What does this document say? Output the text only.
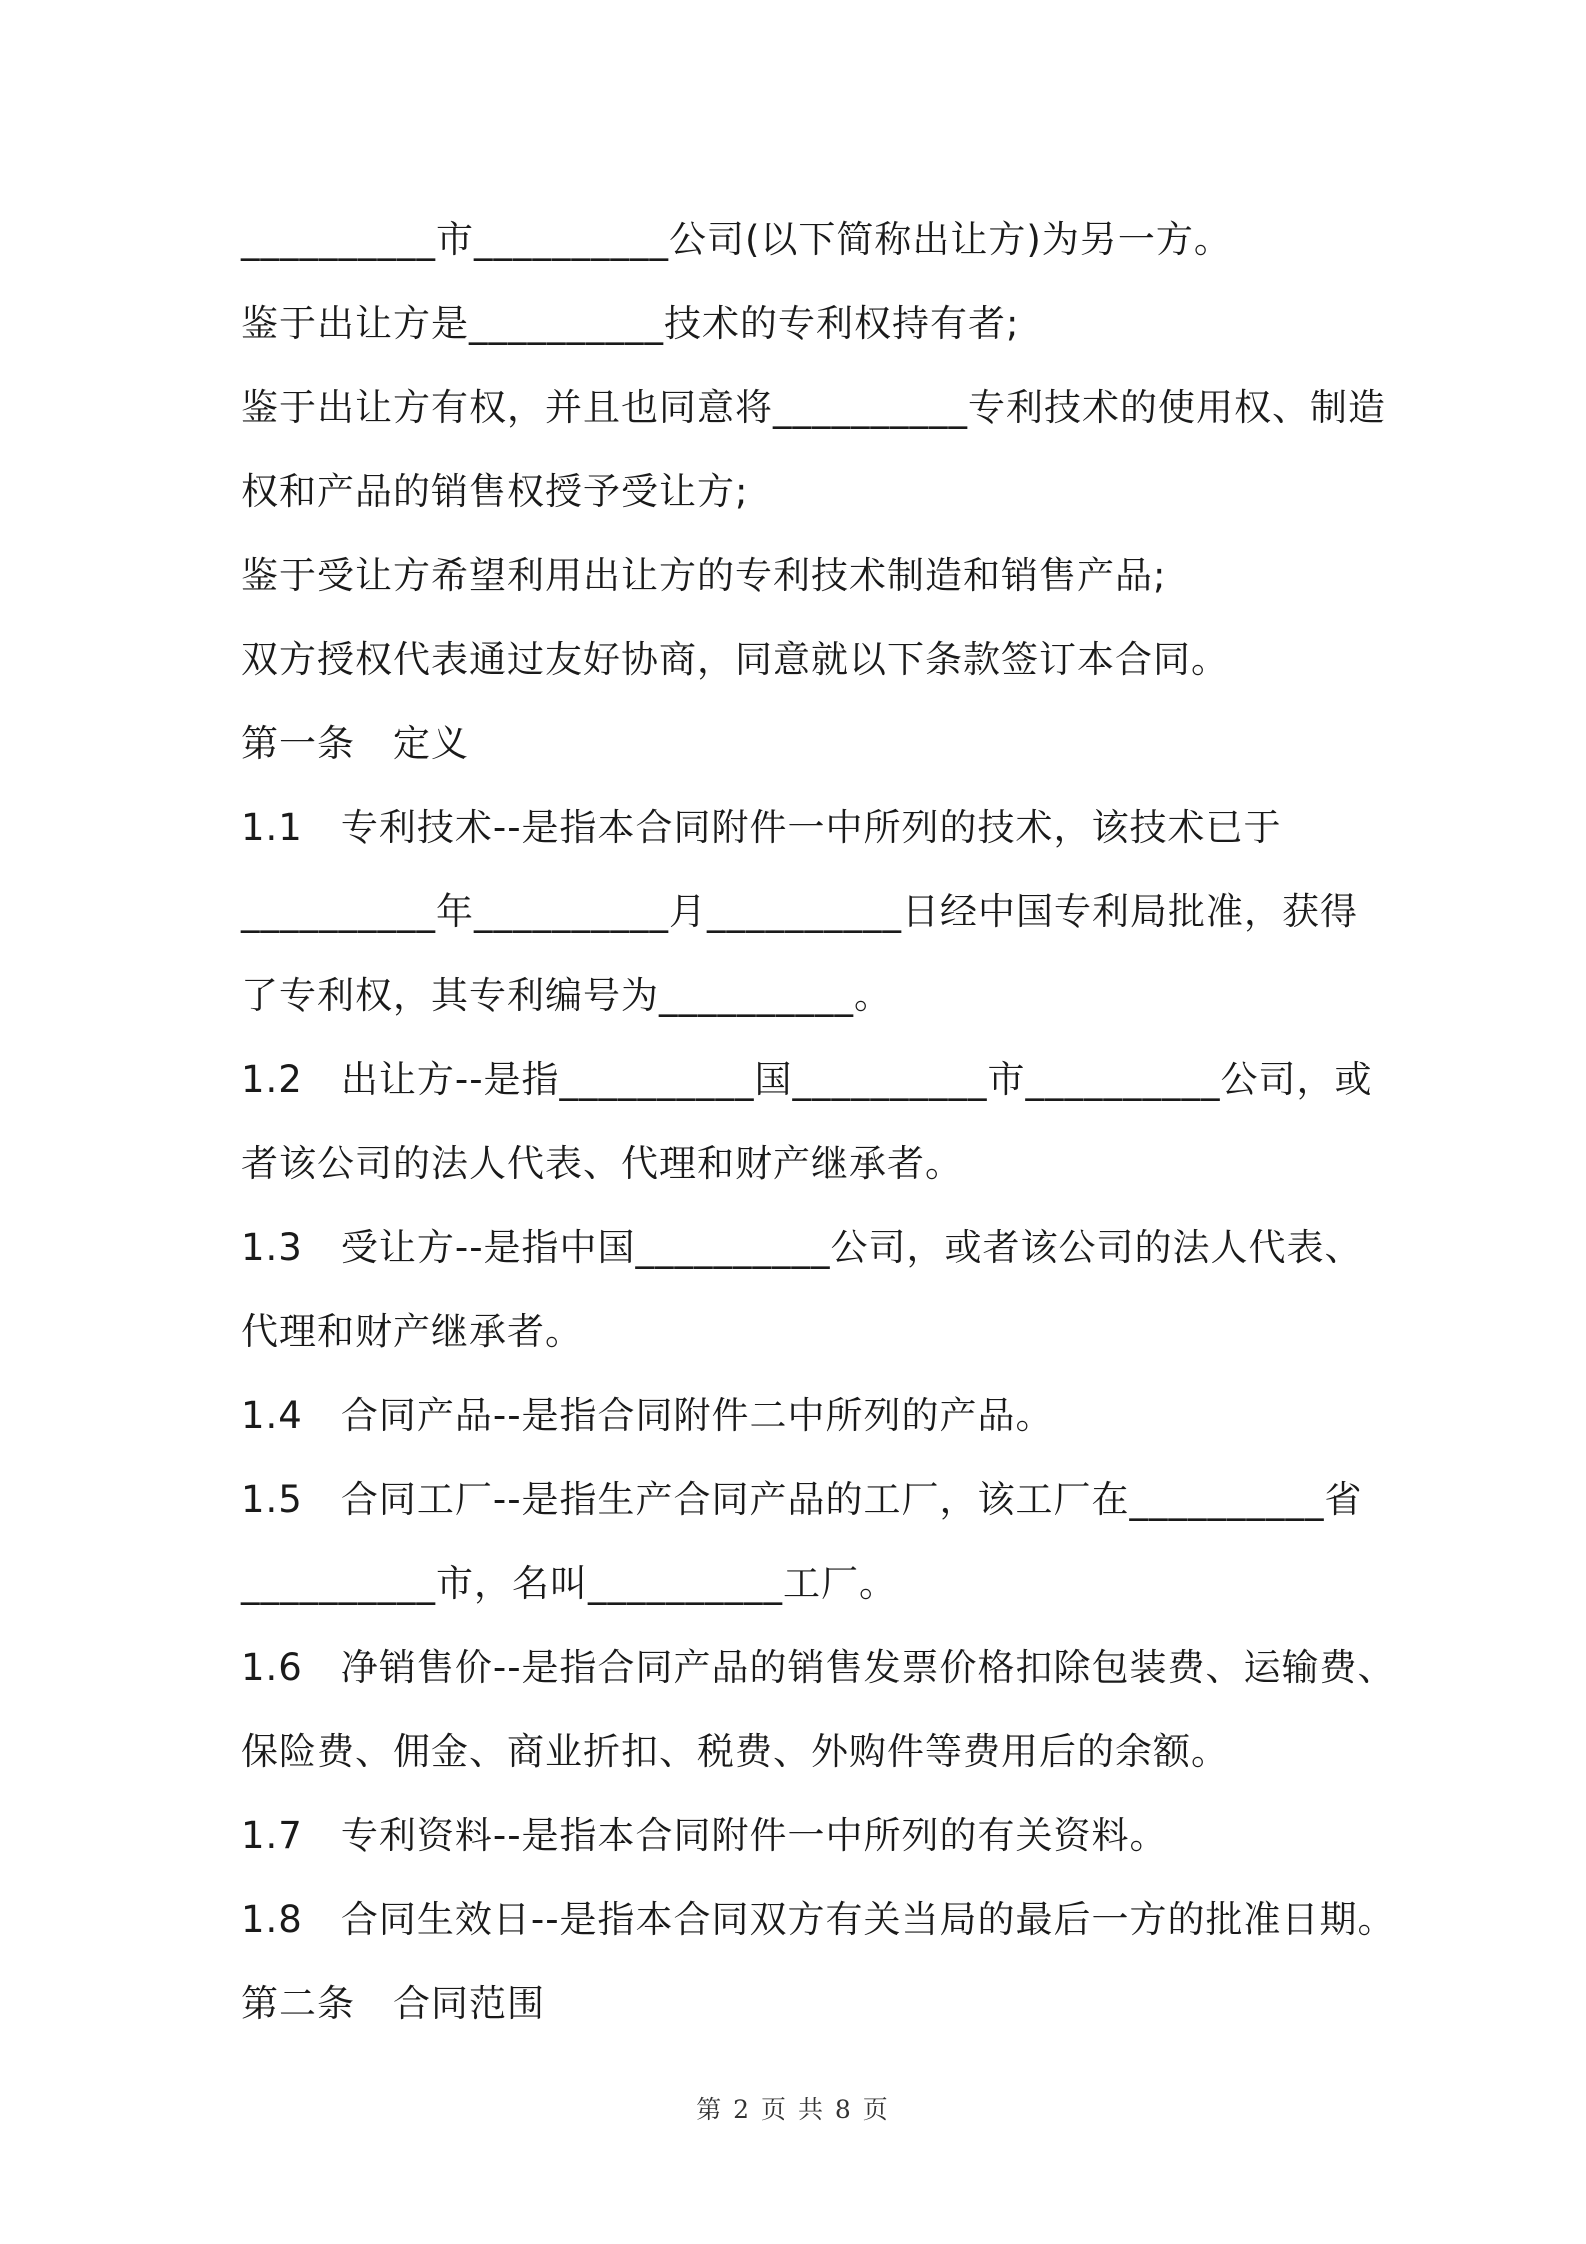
__________市__________公司(以下简称出让方)为另一方。
鉴于出让方是__________技术的专利权持有者;
鉴于出让方有权，并且也同意将__________专利技术的使用权、制造
权和产品的销售权授予受让方;
鉴于受让方希望利用出让方的专利技术制造和销售产品;
双方授权代表通过友好协商，同意就以下条款签订本合同。
第一条　定义
1.1　专利技术--是指本合同附件一中所列的技术，该技术已于
__________年__________月__________日经中国专利局批准，获得
了专利权，其专利编号为__________。
1.2　出让方--是指__________国__________市__________公司，或
者该公司的法人代表、代理和财产继承者。
1.3　受让方--是指中国__________公司，或者该公司的法人代表、
代理和财产继承者。
1.4　合同产品--是指合同附件二中所列的产品。
1.5　合同工厂--是指生产合同产品的工厂，该工厂在__________省
__________市，名叫__________工厂。
1.6　净销售价--是指合同产品的销售发票价格扣除包装费、运输费、
保险费、佣金、商业折扣、税费、外购件等费用后的余额。
1.7　专利资料--是指本合同附件一中所列的有关资料。
1.8　合同生效日--是指本合同双方有关当局的最后一方的批准日期。
第二条　合同范围
第 2 页 共 8 页
